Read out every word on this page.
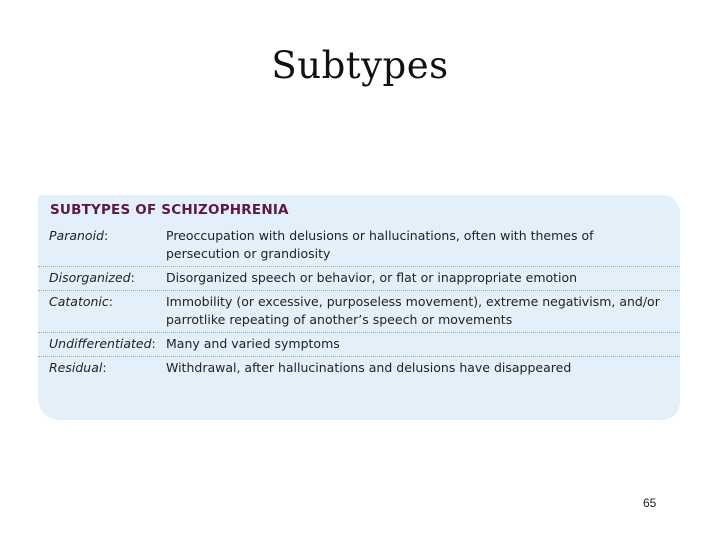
Subtypes
SUBTYPES OF SCHIZOPHRENIA
Paranoid:	Preoccupation with delusions or hallucinations, often with themes of persecution or grandiosity
Disorganized:	Disorganized speech or behavior, or flat or inappropriate emotion
Catatonic:	Immobility (or excessive, purposeless movement), extreme negativism, and/or parrotlike repeating of another’s speech or movements
Undifferentiated: Many and varied symptoms
Residual:	Withdrawal, after hallucinations and delusions have disappeared
65
